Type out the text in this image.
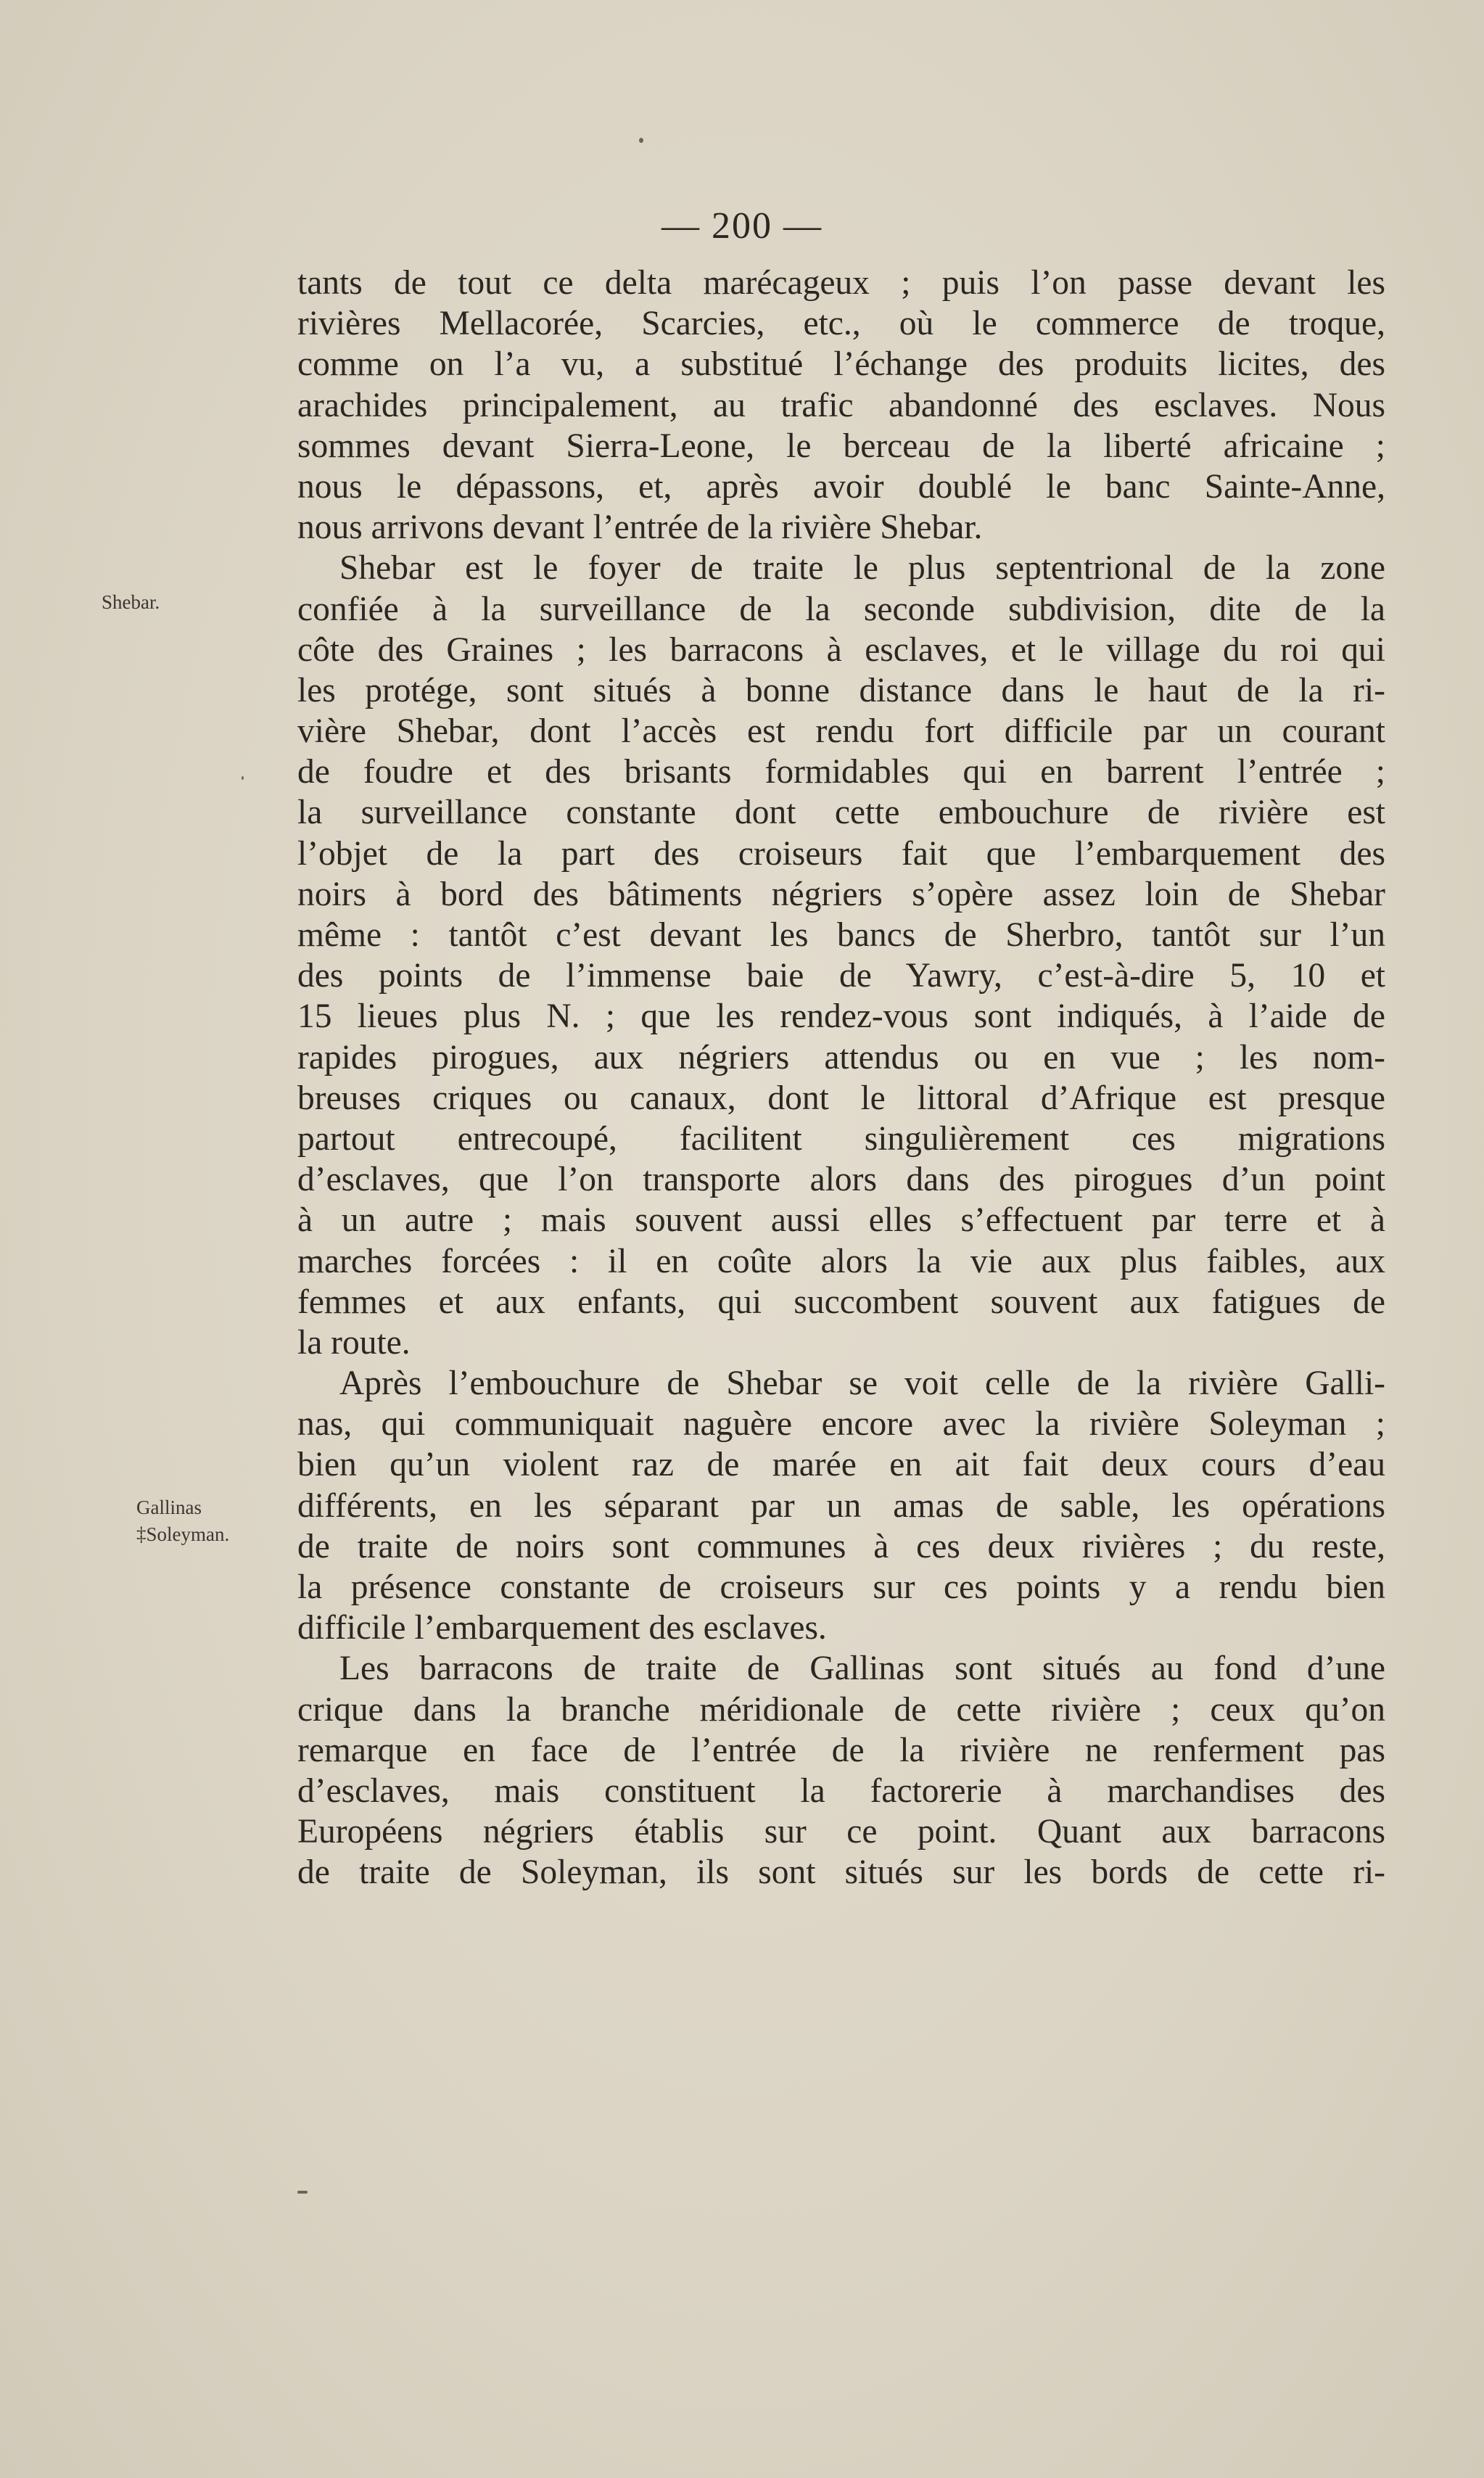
— 200 —
Shebar.
Gallinas
‡Soleyman.
tants de tout ce delta marécageux ; puis l’on passe devant les
rivières Mellacorée, Scarcies, etc., où le commerce de troque,
comme on l’a vu, a substitué l’échange des produits licites, des
arachides principalement, au trafic abandonné des esclaves. Nous
sommes devant Sierra-Leone, le berceau de la liberté africaine ;
nous le dépassons, et, après avoir doublé le banc Sainte-Anne,
nous arrivons devant l’entrée de la rivière Shebar.
Shebar est le foyer de traite le plus septentrional de la zone
confiée à la surveillance de la seconde subdivision, dite de la
côte des Graines ; les barracons à esclaves, et le village du roi qui
les protége, sont situés à bonne distance dans le haut de la ri-
vière Shebar, dont l’accès est rendu fort difficile par un courant
de foudre et des brisants formidables qui en barrent l’entrée ;
la surveillance constante dont cette embouchure de rivière est
l’objet de la part des croiseurs fait que l’embarquement des
noirs à bord des bâtiments négriers s’opère assez loin de Shebar
même : tantôt c’est devant les bancs de Sherbro, tantôt sur l’un
des points de l’immense baie de Yawry, c’est-à-dire 5, 10 et
15 lieues plus N. ; que les rendez-vous sont indiqués, à l’aide de
rapides pirogues, aux négriers attendus ou en vue ; les nom-
breuses criques ou canaux, dont le littoral d’Afrique est presque
partout entrecoupé, facilitent singulièrement ces migrations
d’esclaves, que l’on transporte alors dans des pirogues d’un point
à un autre ; mais souvent aussi elles s’effectuent par terre et à
marches forcées : il en coûte alors la vie aux plus faibles, aux
femmes et aux enfants, qui succombent souvent aux fatigues de
la route.
Après l’embouchure de Shebar se voit celle de la rivière Galli-
nas, qui communiquait naguère encore avec la rivière Soleyman ;
bien qu’un violent raz de marée en ait fait deux cours d’eau
différents, en les séparant par un amas de sable, les opérations
de traite de noirs sont communes à ces deux rivières ; du reste,
la présence constante de croiseurs sur ces points y a rendu bien
difficile l’embarquement des esclaves.
Les barracons de traite de Gallinas sont situés au fond d’une
crique dans la branche méridionale de cette rivière ; ceux qu’on
remarque en face de l’entrée de la rivière ne renferment pas
d’esclaves, mais constituent la factorerie à marchandises des
Européens négriers établis sur ce point. Quant aux barracons
de traite de Soleyman, ils sont situés sur les bords de cette ri-
